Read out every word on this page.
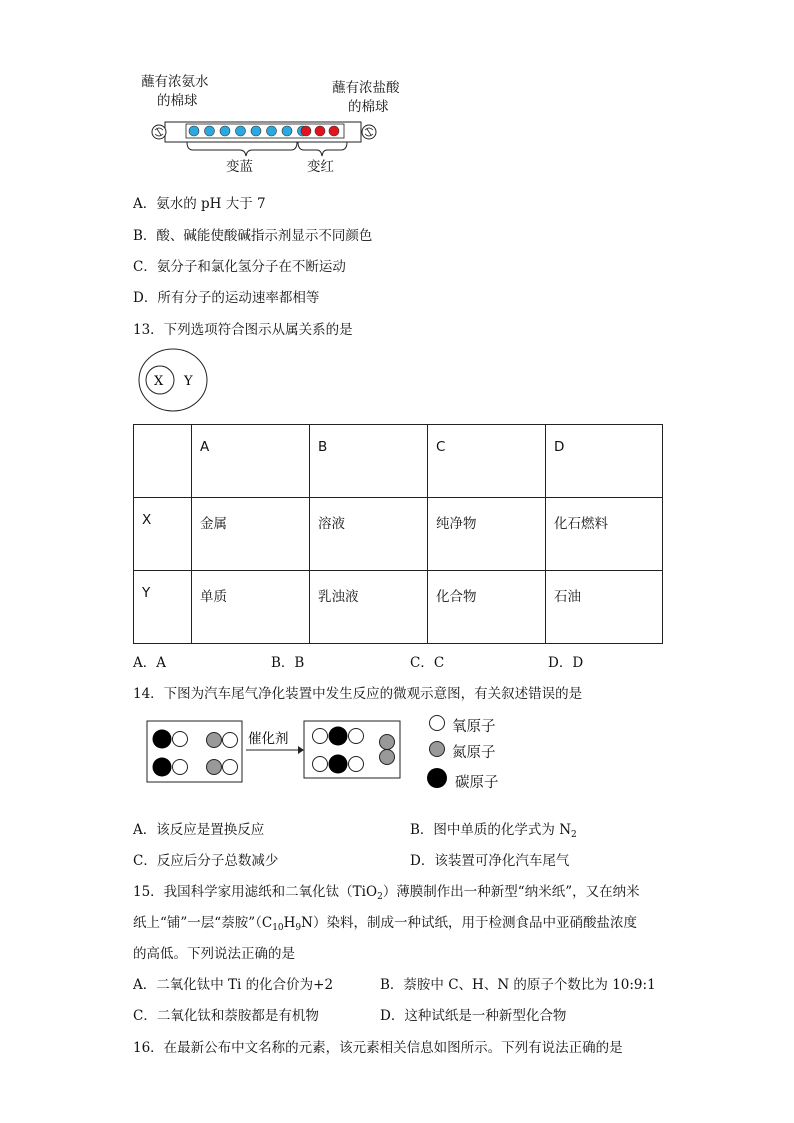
蘸有浓氨水
的棉球
蘸有浓盐酸
的棉球
变蓝	变红
A．氨水的 pH 大于 7
B．酸、碱能使酸碱指示剂显示不同颜色
C．氨分子和氯化氢分子在不断运动
D．所有分子的运动速率都相等
13．下列选项符合图示从属关系的是
X Y
	A	B	C	D
X	金属	溶液	纯净物	化石燃料
Y	单质	乳浊液	化合物	石油
A．A	B．B	C．C	D．D
14．下图为汽车尾气净化装置中发生反应的微观示意图，有关叙述错误的是
催化剂
氧原子
氮原子
碳原子
A．该反应是置换反应	B．图中单质的化学式为 $N_2$
C．反应后分子总数减少	D．该装置可净化汽车尾气
15．我国科学家用滤纸和二氧化钛（TiO$_2$）薄膜制作出一种新型“纳米纸”，又在纳米
纸上“铺”一层“萘胺$”(C_{10}H_9N)$染料，制成一种试纸，用于检测食品中亚硝酸盐浓度
的高低。下列说法正确的是
A．二氧化钛中 Ti 的化合价为+2	B．萘胺中 C、H、N 的原子个数比为 10:9:1
C．二氧化钛和萘胺都是有机物	D．这种试纸是一种新型化合物
16．在最新公布中文名称的元素，该元素相关信息如图所示。下列有说法正确的是
